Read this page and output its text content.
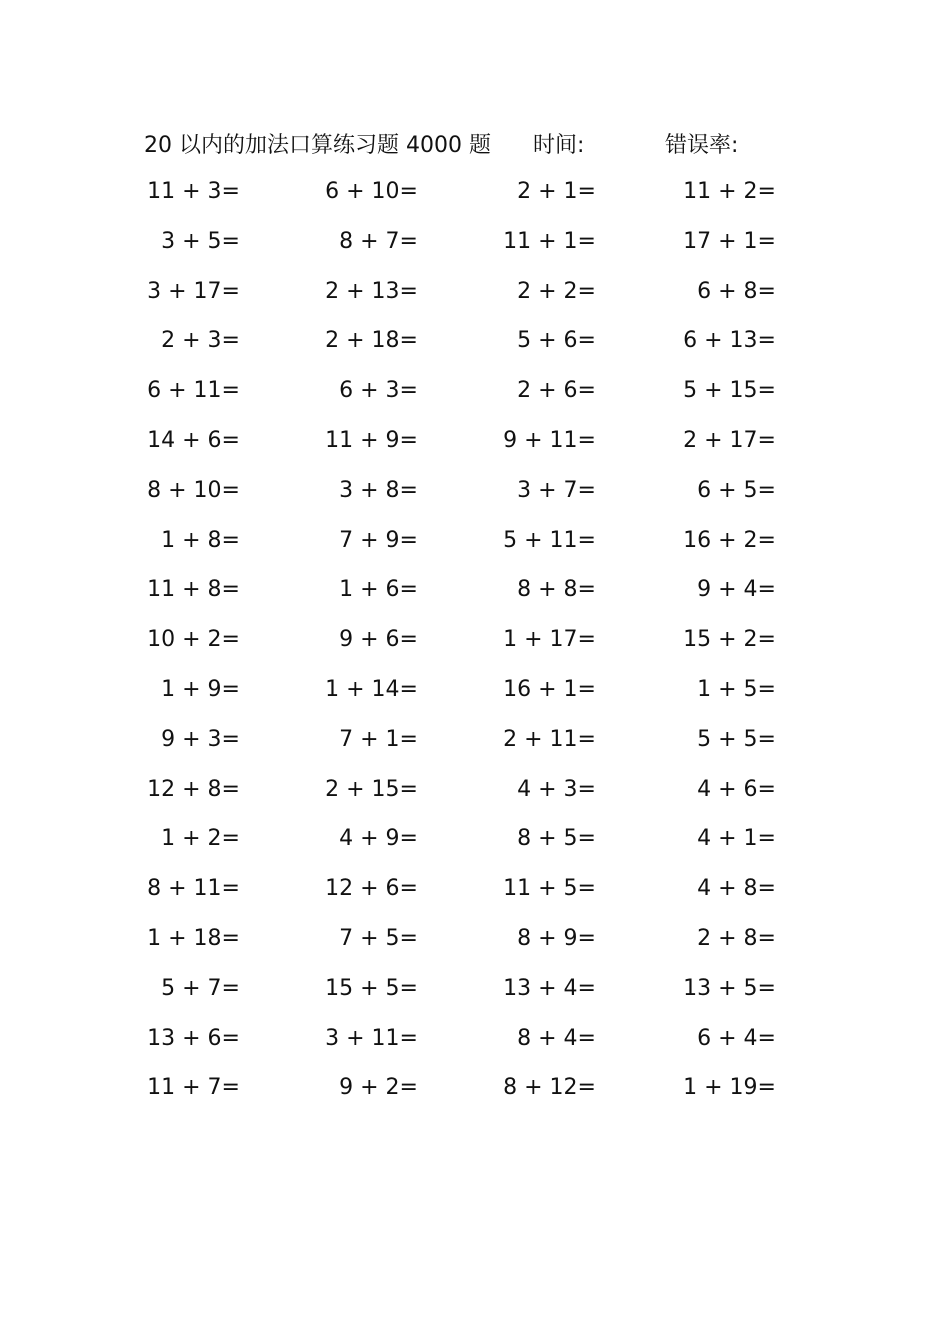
20 以内的加法口算练习题 4000 题 时间:	错误率:
11 + 3=	6 + 10=	2 + 1=	11 + 2=
3 + 5=	8 + 7=	11 + 1=	17 + 1=
3 + 17=	2 + 13=	2 + 2=	6 + 8=
2 + 3=	2 + 18=	5 + 6=	6 + 13=
6 + 11=	6 + 3=	2 + 6=	5 + 15=
14 + 6=	11 + 9=	9 + 11=	2 + 17=
8 + 10=	3 + 8=	3 + 7=	6 + 5=
1 + 8=	7 + 9=	5 + 11=	16 + 2=
11 + 8=	1 + 6=	8 + 8=	9 + 4=
10 + 2=	9 + 6=	1 + 17=	15 + 2=
1 + 9=	1 + 14=	16 + 1=	1 + 5=
9 + 3=	7 + 1=	2 + 11=	5 + 5=
12 + 8=	2 + 15=	4 + 3=	4 + 6=
1 + 2=	4 + 9=	8 + 5=	4 + 1=
8 + 11=	12 + 6=	11 + 5=	4 + 8=
1 + 18=	7 + 5=	8 + 9=	2 + 8=
5 + 7=	15 + 5=	13 + 4=	13 + 5=
13 + 6=	3 + 11=	8 + 4=	6 + 4=
11 + 7=	9 + 2=	8 + 12=	1 + 19=
